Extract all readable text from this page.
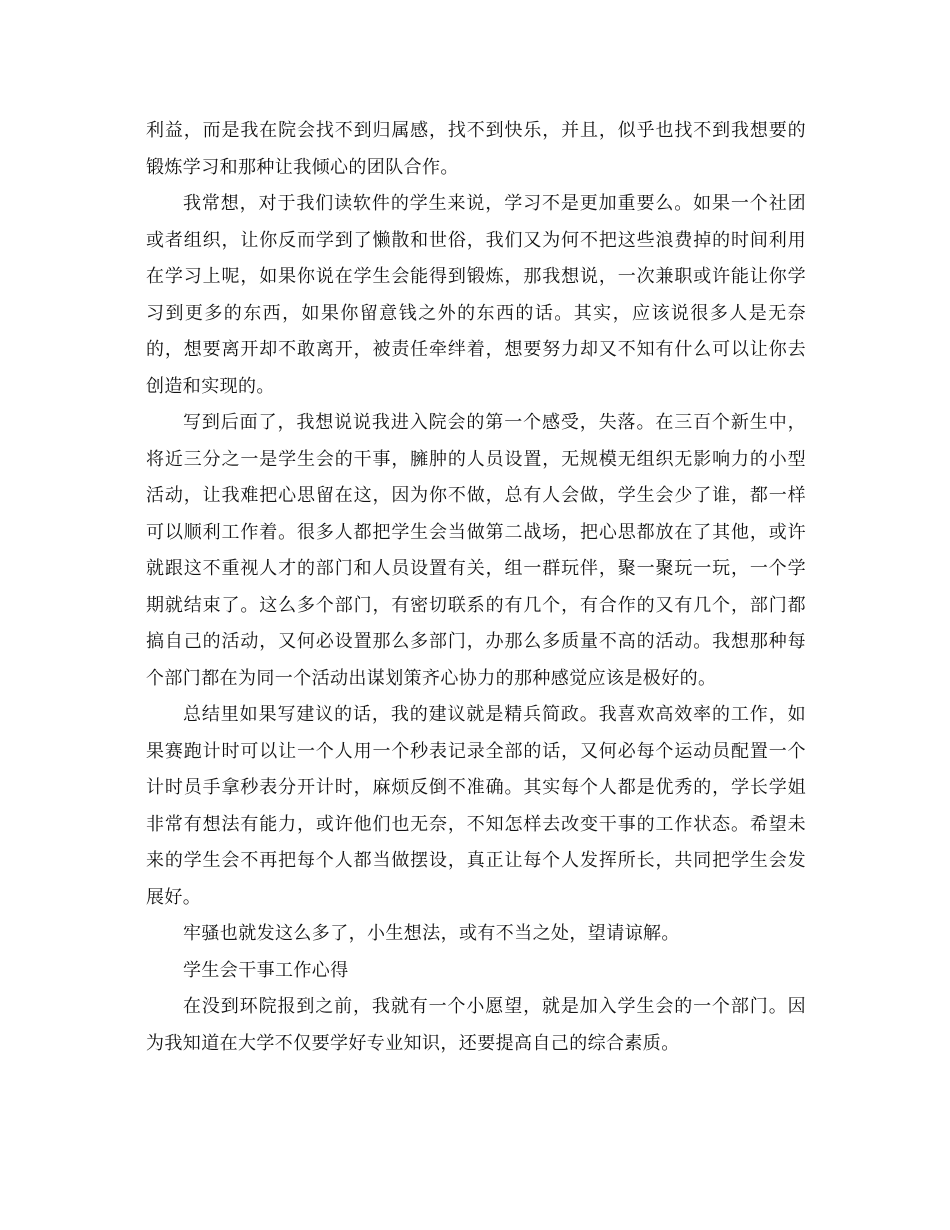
利益，而是我在院会找不到归属感，找不到快乐，并且，似乎也找不到我想要的锻炼学习和那种让我倾心的团队合作。

我常想，对于我们读软件的学生来说，学习不是更加重要么。如果一个社团或者组织，让你反而学到了懒散和世俗，我们又为何不把这些浪费掉的时间利用在学习上呢，如果你说在学生会能得到锻炼，那我想说，一次兼职或许能让你学习到更多的东西，如果你留意钱之外的东西的话。其实，应该说很多人是无奈的，想要离开却不敢离开，被责任牵绊着，想要努力却又不知有什么可以让你去创造和实现的。

写到后面了，我想说说我进入院会的第一个感受，失落。在三百个新生中，将近三分之一是学生会的干事，臃肿的人员设置，无规模无组织无影响力的小型活动，让我难把心思留在这，因为你不做，总有人会做，学生会少了谁，都一样可以顺利工作着。很多人都把学生会当做第二战场，把心思都放在了其他，或许就跟这不重视人才的部门和人员设置有关，组一群玩伴，聚一聚玩一玩，一个学期就结束了。这么多个部门，有密切联系的有几个，有合作的又有几个，部门都搞自己的活动，又何必设置那么多部门，办那么多质量不高的活动。我想那种每个部门都在为同一个活动出谋划策齐心协力的那种感觉应该是极好的。

总结里如果写建议的话，我的建议就是精兵简政。我喜欢高效率的工作，如果赛跑计时可以让一个人用一个秒表记录全部的话，又何必每个运动员配置一个计时员手拿秒表分开计时，麻烦反倒不准确。其实每个人都是优秀的，学长学姐非常有想法有能力，或许他们也无奈，不知怎样去改变干事的工作状态。希望未来的学生会不再把每个人都当做摆设，真正让每个人发挥所长，共同把学生会发展好。

牢骚也就发这么多了，小生想法，或有不当之处，望请谅解。

学生会干事工作心得

在没到环院报到之前，我就有一个小愿望，就是加入学生会的一个部门。因为我知道在大学不仅要学好专业知识，还要提高自己的综合素质。
